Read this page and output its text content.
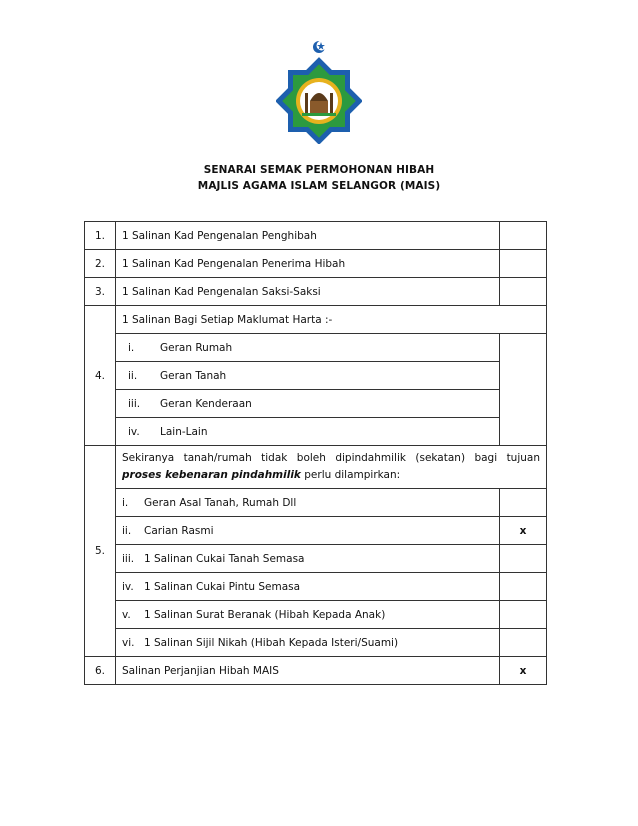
SENARAI SEMAK PERMOHONAN HIBAH
MAJLIS AGAMA ISLAM SELANGOR (MAIS)
1.	1 Salinan Kad Pengenalan Penghibah	
2.	1 Salinan Kad Pengenalan Penerima Hibah	
3.	1 Salinan Kad Pengenalan Saksi-Saksi	
4.	1 Salinan Bagi Setiap Maklumat Harta :-	
	i. Geran Rumah	
	ii. Geran Tanah	
	iii. Geran Kenderaan	
	iv. Lain-Lain	
5.	Sekiranya tanah/rumah tidak boleh dipindahmilik (sekatan) bagi tujuan proses kebenaran pindahmilik perlu dilampirkan:	
	i. Geran Asal Tanah, Rumah Dll	
	ii. Carian Rasmi	x
	iii. 1 Salinan Cukai Tanah Semasa	
	iv. 1 Salinan Cukai Pintu Semasa	
	v. 1 Salinan Surat Beranak (Hibah Kepada Anak)	
	vi. 1 Salinan Sijil Nikah (Hibah Kepada Isteri/Suami)	
6.	Salinan Perjanjian Hibah MAIS	x
